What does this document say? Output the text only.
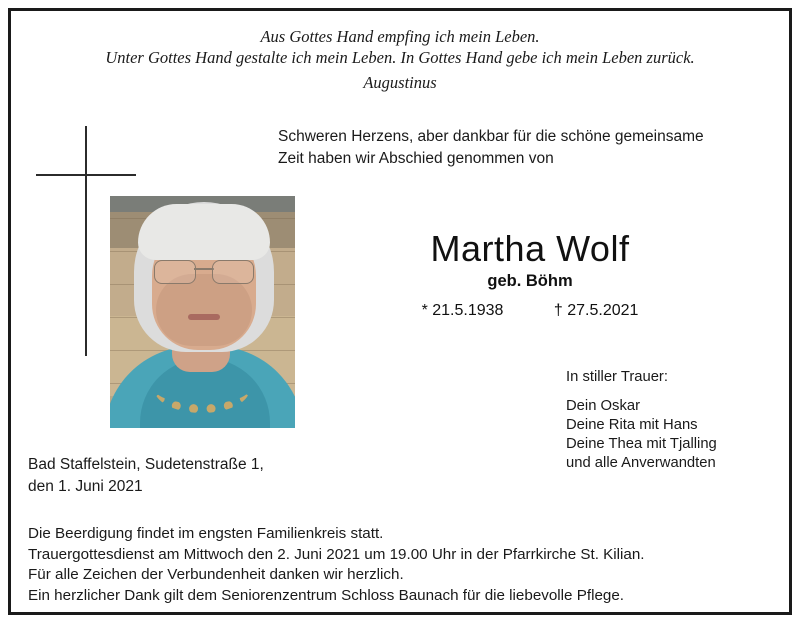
Aus Gottes Hand empfing ich mein Leben.
Unter Gottes Hand gestalte ich mein Leben. In Gottes Hand gebe ich mein Leben zurück.
Augustinus
Schweren Herzens, aber dankbar für die schöne gemeinsame
Zeit haben wir Abschied genommen von
Martha Wolf
geb. Böhm
* 21.5.1938	† 27.5.2021
In stiller Trauer:
Dein Oskar
Deine Rita mit Hans
Deine Thea mit Tjalling
und alle Anverwandten
Bad Staffelstein, Sudetenstraße 1,
den 1. Juni 2021
Die Beerdigung findet im engsten Familienkreis statt.
Trauergottesdienst am Mittwoch den 2. Juni 2021 um 19.00 Uhr in der Pfarrkirche St. Kilian.
Für alle Zeichen der Verbundenheit danken wir herzlich.
Ein herzlicher Dank gilt dem Seniorenzentrum Schloss Baunach für die liebevolle Pflege.
